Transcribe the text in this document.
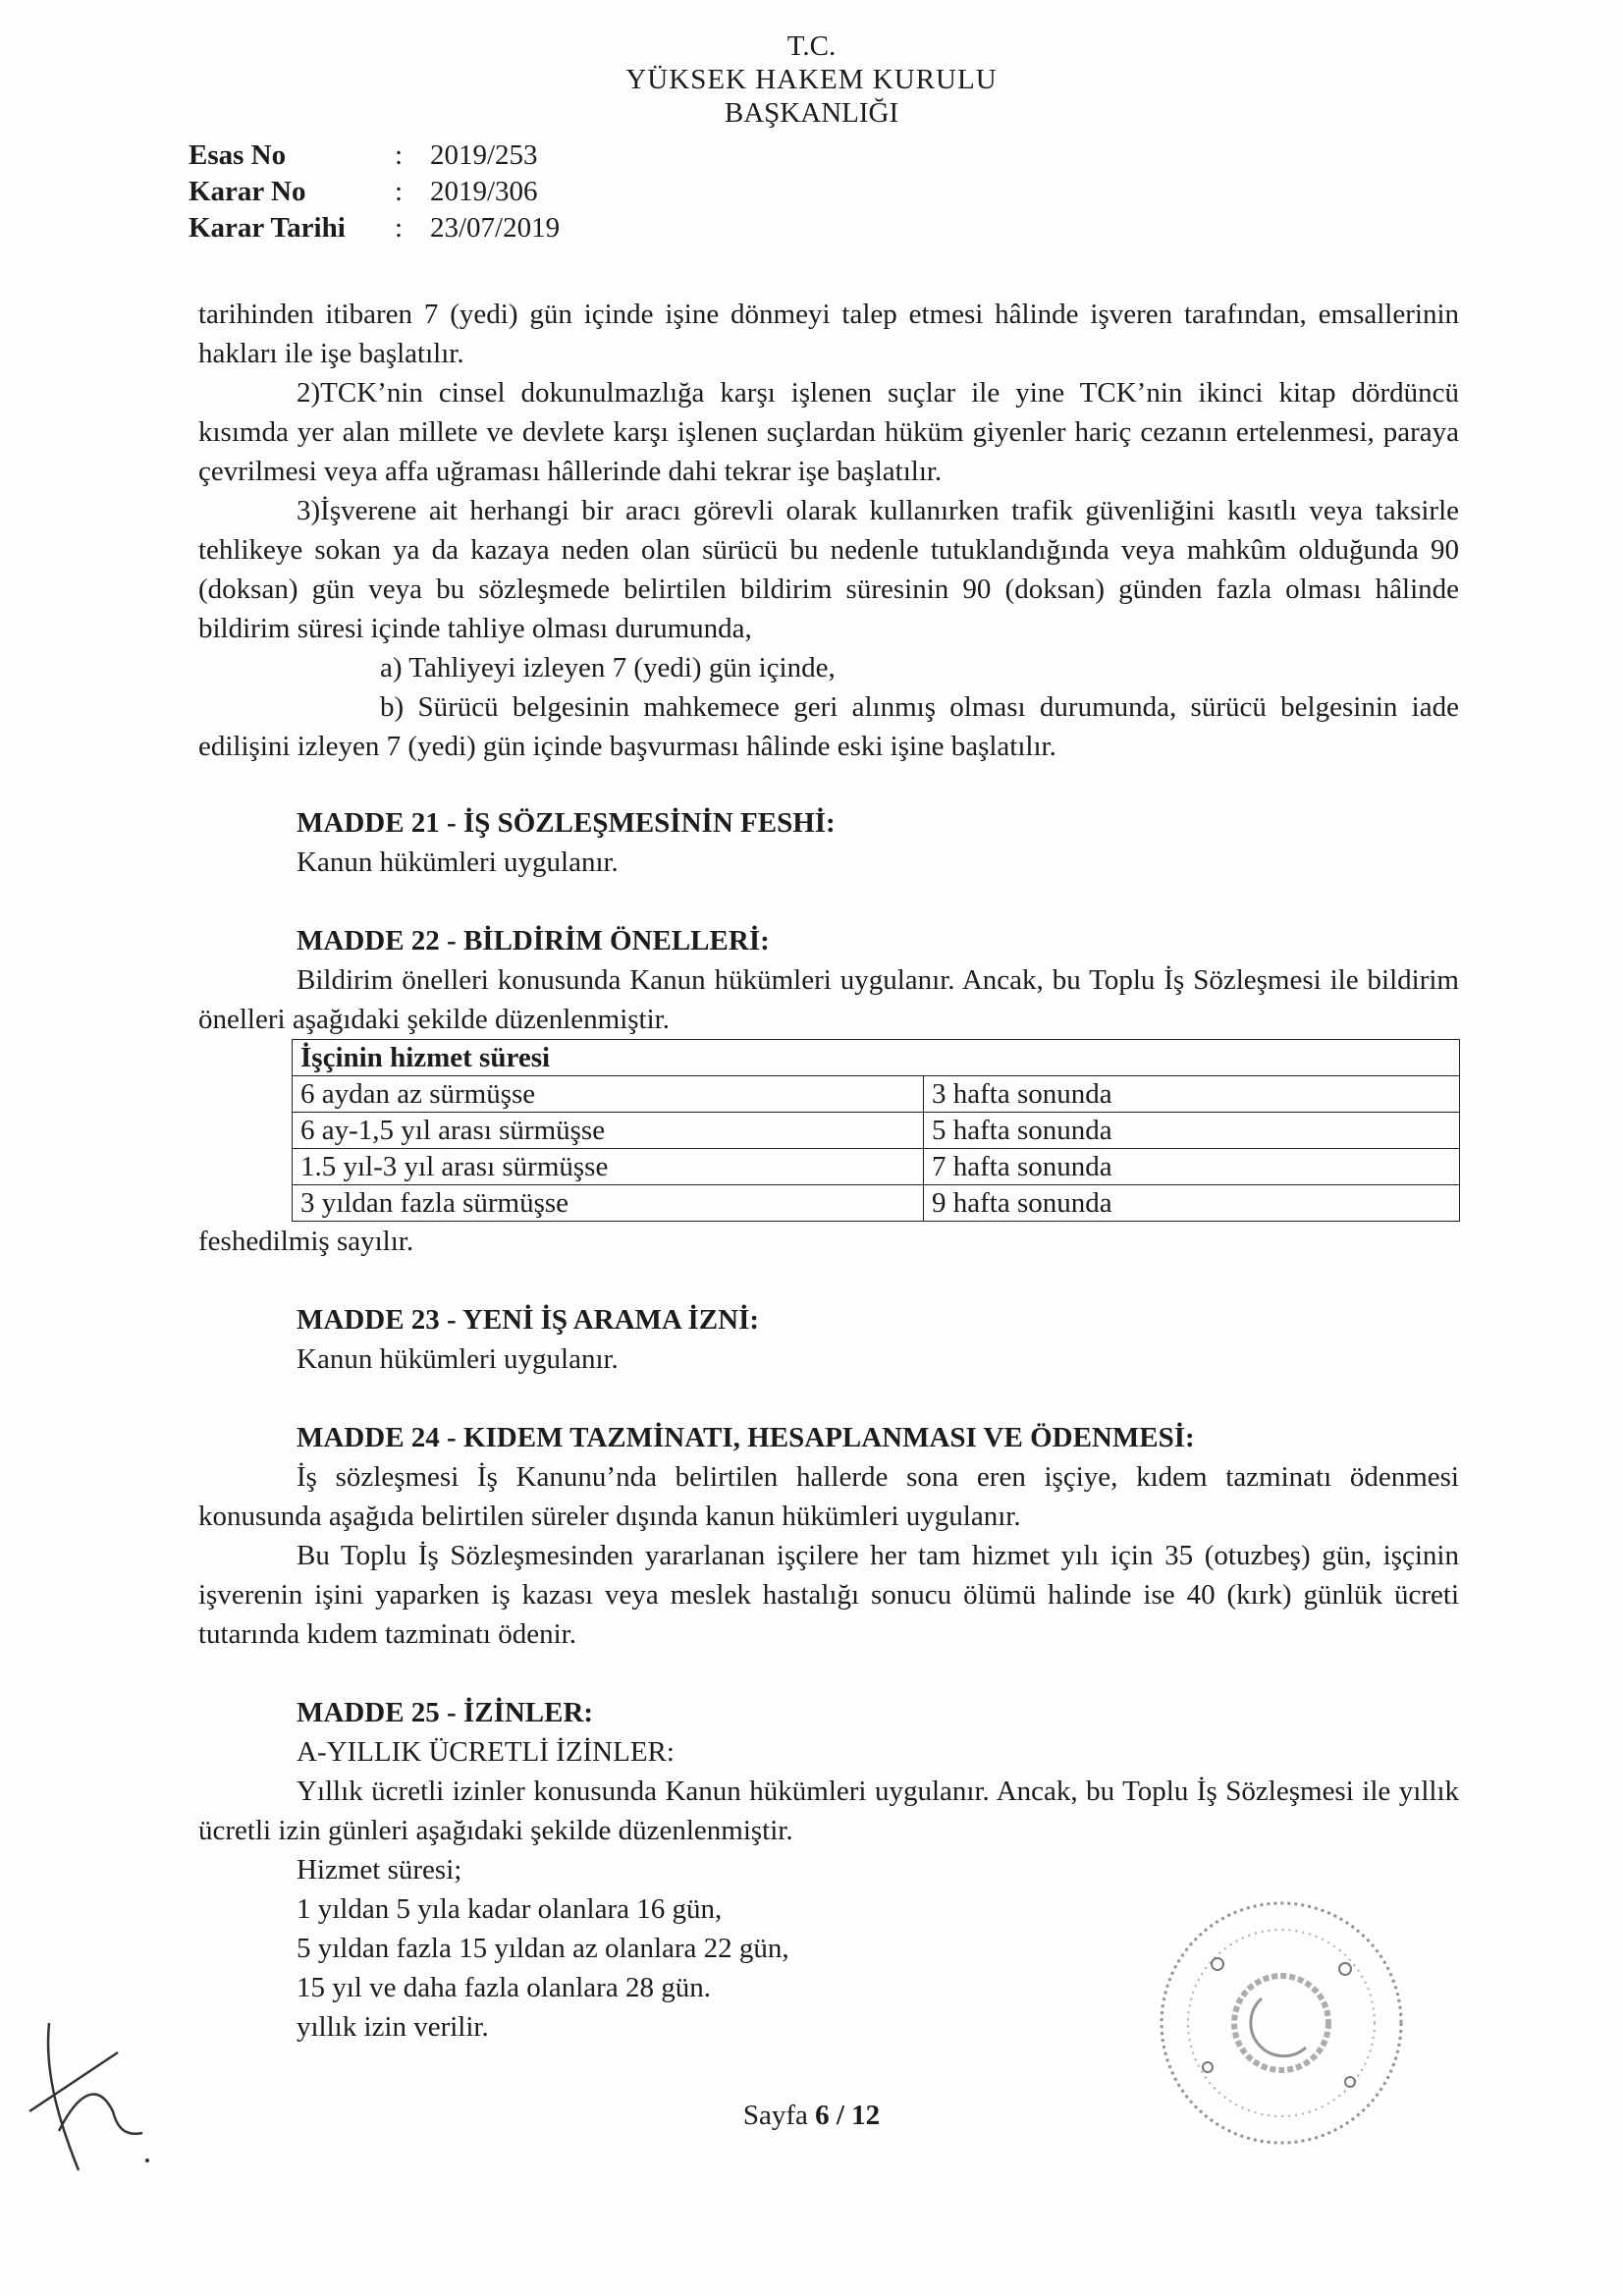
T.C.
YÜKSEK HAKEM KURULU
BAŞKANLIĞI
Esas No	: 2019/253
Karar No	: 2019/306
Karar Tarihi	: 23/07/2019

tarihinden itibaren 7 (yedi) gün içinde işine dönmeyi talep etmesi hâlinde işveren tarafından, emsallerinin hakları ile işe başlatılır.

2)TCK’nin cinsel dokunulmazlığa karşı işlenen suçlar ile yine TCK’nin ikinci kitap dördüncü kısımda yer alan millete ve devlete karşı işlenen suçlardan hüküm giyenler hariç cezanın ertelenmesi, paraya çevrilmesi veya affa uğraması hâllerinde dahi tekrar işe başlatılır.

3)İşverene ait herhangi bir aracı görevli olarak kullanırken trafik güvenliğini kasıtlı veya taksirle tehlikeye sokan ya da kazaya neden olan sürücü bu nedenle tutuklandığında veya mahkûm olduğunda 90 (doksan) gün veya bu sözleşmede belirtilen bildirim süresinin 90 (doksan) günden fazla olması hâlinde bildirim süresi içinde tahliye olması durumunda,

a) Tahliyeyi izleyen 7 (yedi) gün içinde,

b) Sürücü belgesinin mahkemece geri alınmış olması durumunda, sürücü belgesinin iade edilişini izleyen 7 (yedi) gün içinde başvurması hâlinde eski işine başlatılır.

MADDE 21 - İŞ SÖZLEŞMESİNİN FESHİ:

Kanun hükümleri uygulanır.

MADDE 22 - BİLDİRİM ÖNELLERİ:

Bildirim önelleri konusunda Kanun hükümleri uygulanır. Ancak, bu Toplu İş Sözleşmesi ile bildirim önelleri aşağıdaki şekilde düzenlenmiştir.

İşçinin hizmet süresi	
6 aydan az sürmüşse	3 hafta sonunda
6 ay-1,5 yıl arası sürmüşse	5 hafta sonunda
1.5 yıl-3 yıl arası sürmüşse	7 hafta sonunda
3 yıldan fazla sürmüşse	9 hafta sonunda

feshedilmiş sayılır.

MADDE 23 - YENİ İŞ ARAMA İZNİ:

Kanun hükümleri uygulanır.

MADDE 24 - KIDEM TAZMİNATI, HESAPLANMASI VE ÖDENMESİ:

İş sözleşmesi İş Kanunu’nda belirtilen hallerde sona eren işçiye, kıdem tazminatı ödenmesi konusunda aşağıda belirtilen süreler dışında kanun hükümleri uygulanır.

Bu Toplu İş Sözleşmesinden yararlanan işçilere her tam hizmet yılı için 35 (otuzbeş) gün, işçinin işverenin işini yaparken iş kazası veya meslek hastalığı sonucu ölümü halinde ise 40 (kırk) günlük ücreti tutarında kıdem tazminatı ödenir.

MADDE 25 - İZİNLER:

A-YILLIK ÜCRETLİ İZİNLER:

Yıllık ücretli izinler konusunda Kanun hükümleri uygulanır. Ancak, bu Toplu İş Sözleşmesi ile yıllık ücretli izin günleri aşağıdaki şekilde düzenlenmiştir.

Hizmet süresi;

1 yıldan 5 yıla kadar olanlara 16 gün,

5 yıldan fazla 15 yıldan az olanlara 22 gün,

15 yıl ve daha fazla olanlara 28 gün.

yıllık izin verilir.

Sayfa 6 / 12
